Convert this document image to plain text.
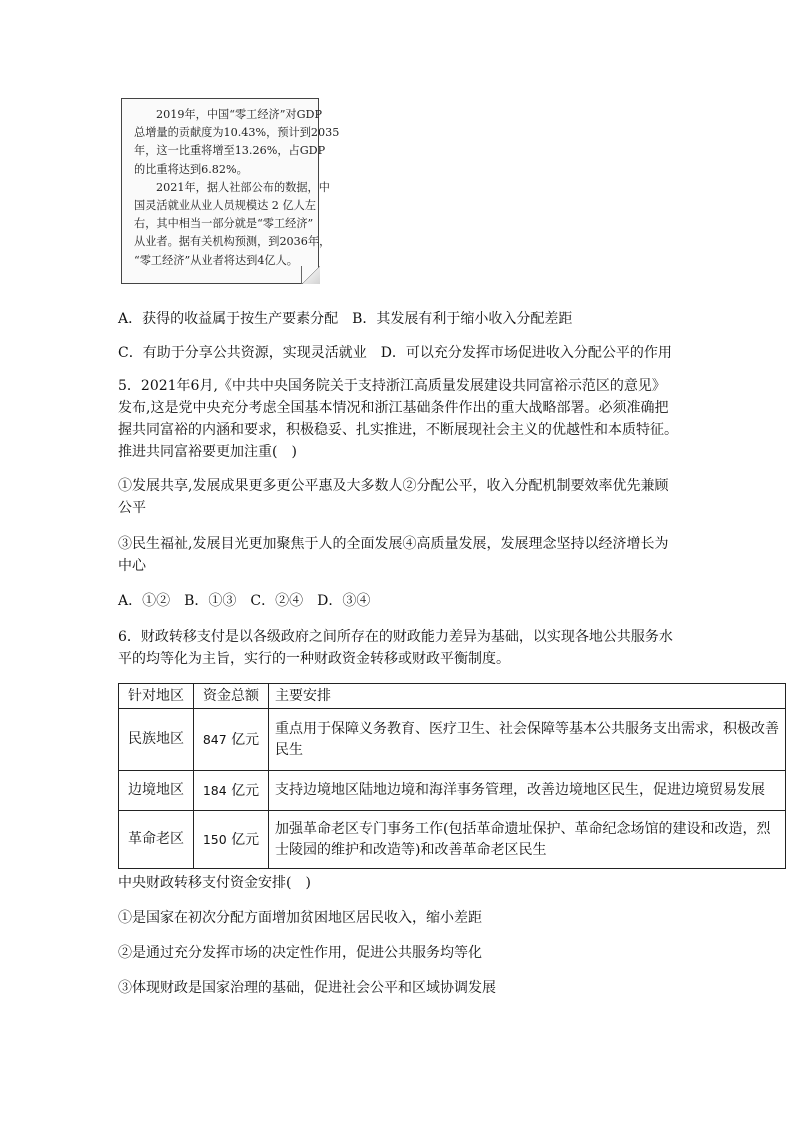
2019年，中国“零工经济”对GDP
总增量的贡献度为10.43%，预计到2035
年，这一比重将增至13.26%，占GDP
的比重将达到6.82%。
2021年，据人社部公布的数据，中
国灵活就业从业人员规模达 2 亿人左
右，其中相当一部分就是“零工经济”
从业者。据有关机构预测，到2036年，
“零工经济”从业者将达到4亿人。
A．获得的收益属于按生产要素分配　B．其发展有利于缩小收入分配差距
C．有助于分享公共资源，实现灵活就业　D．可以充分发挥市场促进收入分配公平的作用
5．2021年6月,《中共中央国务院关于支持浙江高质量发展建设共同富裕示范区的意见》
发布,这是党中央充分考虑全国基本情况和浙江基础条件作出的重大战略部署。必须准确把
握共同富裕的内涵和要求，积极稳妥、扎实推进，不断展现社会主义的优越性和本质特征。
推进共同富裕要更加注重(　)
①发展共享,发展成果更多更公平惠及大多数人②分配公平，收入分配机制要效率优先兼顾
公平
③民生福祉,发展目光更加聚焦于人的全面发展④高质量发展，发展理念坚持以经济增长为
中心
A．①②　B．①③　C．②④　D．③④
6．财政转移支付是以各级政府之间所存在的财政能力差异为基础，以实现各地公共服务水
平的均等化为主旨，实行的一种财政资金转移或财政平衡制度。
针对地区	资金总额	主要安排
民族地区	847 亿元	重点用于保障义务教育、医疗卫生、社会保障等基本公共服务支出需求，积极改善民生
边境地区	184 亿元	支持边境地区陆地边境和海洋事务管理，改善边境地区民生，促进边境贸易发展
革命老区	150 亿元	加强革命老区专门事务工作(包括革命遗址保护、革命纪念场馆的建设和改造，烈士陵园的维护和改造等)和改善革命老区民生
中央财政转移支付资金安排(　)
①是国家在初次分配方面增加贫困地区居民收入，缩小差距
②是通过充分发挥市场的决定性作用，促进公共服务均等化
③体现财政是国家治理的基础，促进社会公平和区域协调发展
